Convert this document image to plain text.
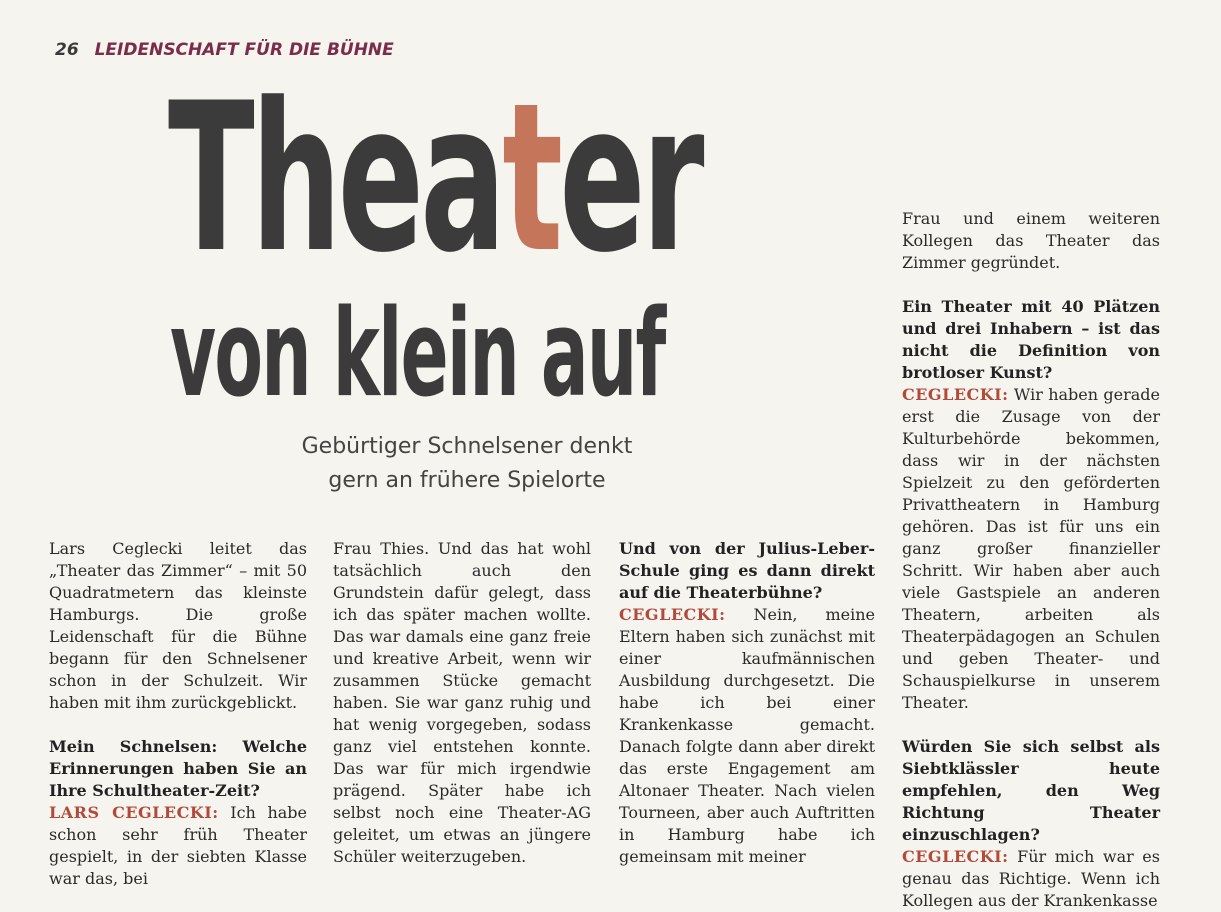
26 LEIDENSCHAFT FÜR DIE BÜHNE
Theater
von klein auf
Gebürtiger Schnelsener denkt
gern an frühere Spielorte

Lars Ceglecki leitet das „Theater das Zimmer“ – mit 50 Quadratmetern das kleinste Hamburgs. Die große Leidenschaft für die Bühne begann für den Schnelsener schon in der Schulzeit. Wir haben mit ihm zurückgeblickt.

Mein Schnelsen: Welche Erinnerungen haben Sie an Ihre Schultheater-Zeit?

LARS CEGLECKI: Ich habe schon sehr früh Theater gespielt, in der siebten Klasse war das, bei

Frau Thies. Und das hat wohl tatsächlich auch den Grundstein dafür gelegt, dass ich das später machen wollte. Das war damals eine ganz freie und kreative Arbeit, wenn wir zusammen Stücke gemacht haben. Sie war ganz ruhig und hat wenig vorgegeben, sodass ganz viel entstehen konnte. Das war für mich irgendwie prägend. Später habe ich selbst noch eine Theater-AG geleitet, um etwas an jüngere Schüler weiterzugeben.

Und von der Julius-Leber-Schule ging es dann direkt auf die Theaterbühne?

CEGLECKI: Nein, meine Eltern haben sich zunächst mit einer kaufmännischen Ausbildung durchgesetzt. Die habe ich bei einer Krankenkasse gemacht. Danach folgte dann aber direkt das erste Engagement am Altonaer Theater. Nach vielen Tourneen, aber auch Auftritten in Hamburg habe ich gemeinsam mit meiner

Frau und einem weiteren Kollegen das Theater das Zimmer gegründet.

Ein Theater mit 40 Plätzen und drei Inhabern – ist das nicht die Definition von brotloser Kunst?

CEGLECKI: Wir haben gerade erst die Zusage von der Kulturbehörde bekommen, dass wir in der nächsten Spielzeit zu den geförderten Privattheatern in Hamburg gehören. Das ist für uns ein ganz großer finanzieller Schritt. Wir haben aber auch viele Gastspiele an anderen Theatern, arbeiten als Theaterpädagogen an Schulen und geben Theater- und Schauspielkurse in unserem Theater.

Würden Sie sich selbst als Siebtklässler heute empfehlen, den Weg Richtung Theater einzuschlagen?

CEGLECKI: Für mich war es genau das Richtige. Wenn ich Kollegen aus der Krankenkasse
